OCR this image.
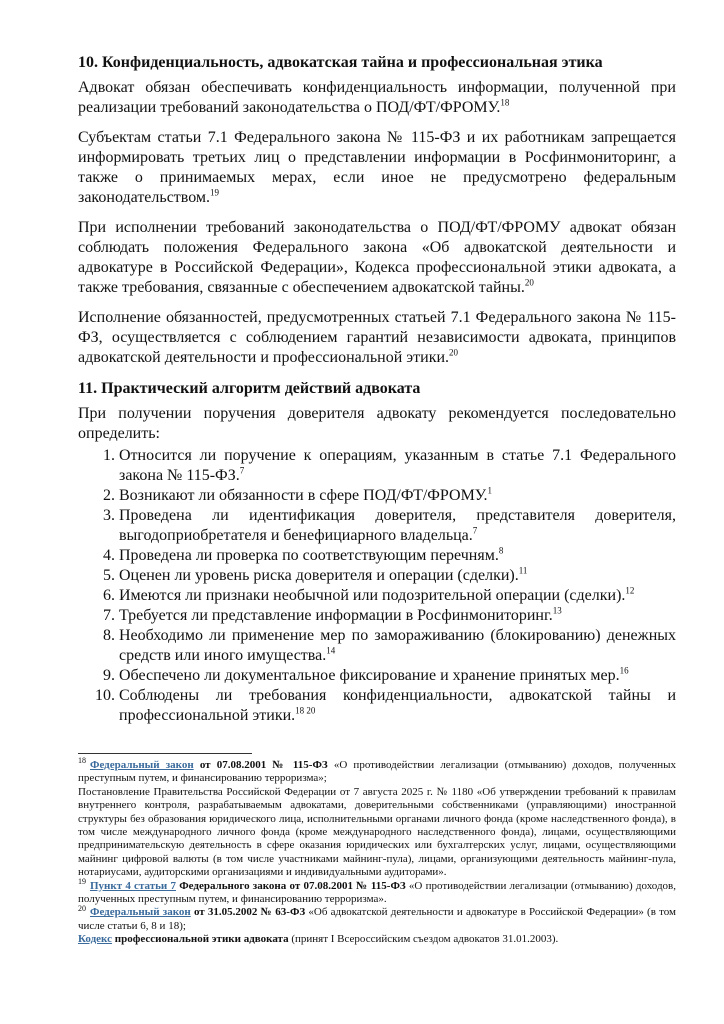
10. Конфиденциальность, адвокатская тайна и профессиональная этика

Адвокат обязан обеспечивать конфиденциальность информации, полученной при реализации требований законодательства о ПОД/ФТ/ФРОМУ.$^{18}$

Субъектам статьи 7.1 Федерального закона № 115-ФЗ и их работникам запрещается информировать третьих лиц о представлении информации в Росфинмониторинг, а также о принимаемых мерах, если иное не предусмотрено федеральным законодательством.$^{19}$

При исполнении требований законодательства о ПОД/ФТ/ФРОМУ адвокат обязан соблюдать положения Федерального закона «Об адвокатской деятельности и адвокатуре в Российской Федерации», Кодекса профессиональной этики адвоката, а также требования, связанные с обеспечением адвокатской тайны.$^{20}$

Исполнение обязанностей, предусмотренных статьей 7.1 Федерального закона № 115-ФЗ, осуществляется с соблюдением гарантий независимости адвоката, принципов адвокатской деятельности и профессиональной этики.$^{20}$

11. Практический алгоритм действий адвоката

При получении поручения доверителя адвокату рекомендуется последовательно определить:

1. Относится ли поручение к операциям, указанным в статье 7.1 Федерального закона № 115-ФЗ.$^7$
2. Возникают ли обязанности в сфере ПОД/ФТ/ФРОМУ.$^1$
3. Проведена ли идентификация доверителя, представителя доверителя, выгодоприобретателя и бенефициарного владельца.$^7$
4. Проведена ли проверка по соответствующим перечням.$^8$
5. Оценен ли уровень риска доверителя и операции (сделки).$^{11}$
6. Имеются ли признаки необычной или подозрительной операции (сделки).$^{12}$
7. Требуется ли представление информации в Росфинмониторинг.$^{13}$
8. Необходимо ли применение мер по замораживанию (блокированию) денежных средств или иного имущества.$^{14}$
9. Обеспечено ли документальное фиксирование и хранение принятых мер.$^{16}$
10. Соблюдены ли требования конфиденциальности, адвокатской тайны и профессиональной этики.$^{18 20}$

$^{18}$ Федеральный закон от 07.08.2001 № 115-ФЗ «О противодействии легализации (отмыванию) доходов, полученных преступным путем, и финансированию терроризма»;

Постановление Правительства Российской Федерации от 7 августа 2025 г. № 1180 «Об утверждении требований к правилам внутреннего контроля, разрабатываемым адвокатами, доверительными собственниками (управляющими) иностранной структуры без образования юридического лица, исполнительными органами личного фонда (кроме наследственного фонда), в том числе международного личного фонда (кроме международного наследственного фонда), лицами, осуществляющими предпринимательскую деятельность в сфере оказания юридических или бухгалтерских услуг, лицами, осуществляющими майнинг цифровой валюты (в том числе участниками майнинг-пула), лицами, организующими деятельность майнинг-пула, нотариусами, аудиторскими организациями и индивидуальными аудиторами».

$^{19}$ Пункт 4 статьи 7 Федерального закона от 07.08.2001 № 115-ФЗ «О противодействии легализации (отмыванию) доходов, полученных преступным путем, и финансированию терроризма».

$^{20}$ Федеральный закон от 31.05.2002 № 63-ФЗ «Об адвокатской деятельности и адвокатуре в Российской Федерации» (в том числе статьи 6, 8 и 18);

Кодекс профессиональной этики адвоката (принят I Всероссийским съездом адвокатов 31.01.2003).
